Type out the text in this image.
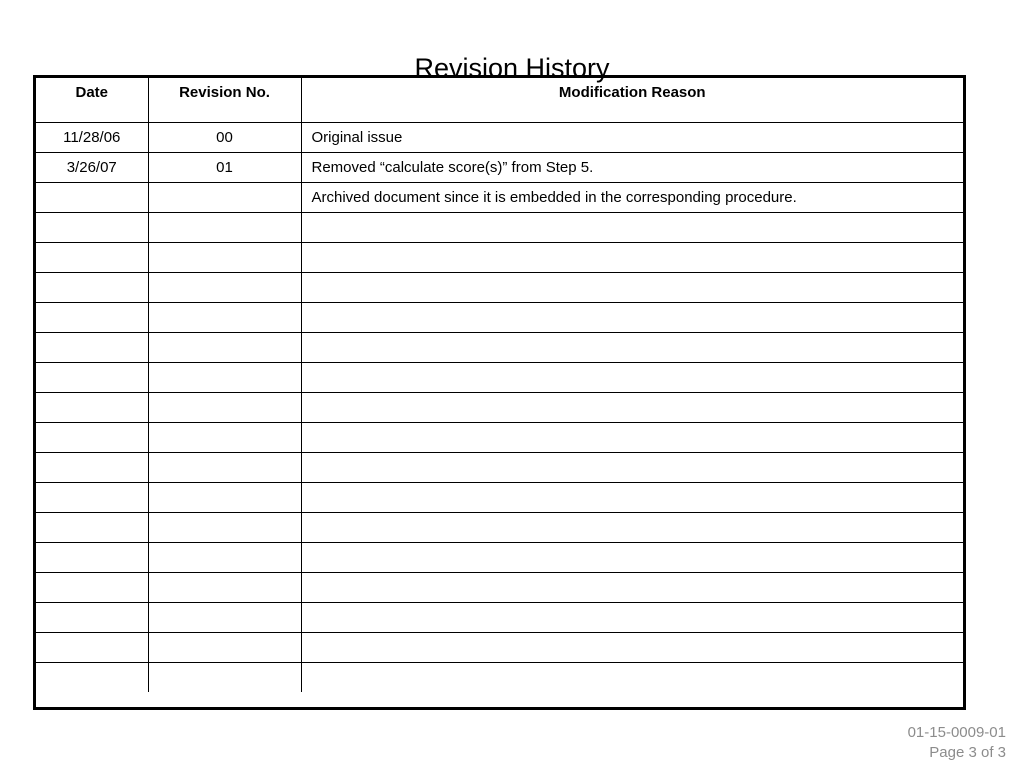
Revision History
Date	Revision No.	Modification Reason
11/28/06	00	Original issue
3/26/07	01	Removed “calculate score(s)” from Step 5.
		Archived document since it is embedded in the corresponding procedure.

01-15-0009-01
Page 3 of 3
